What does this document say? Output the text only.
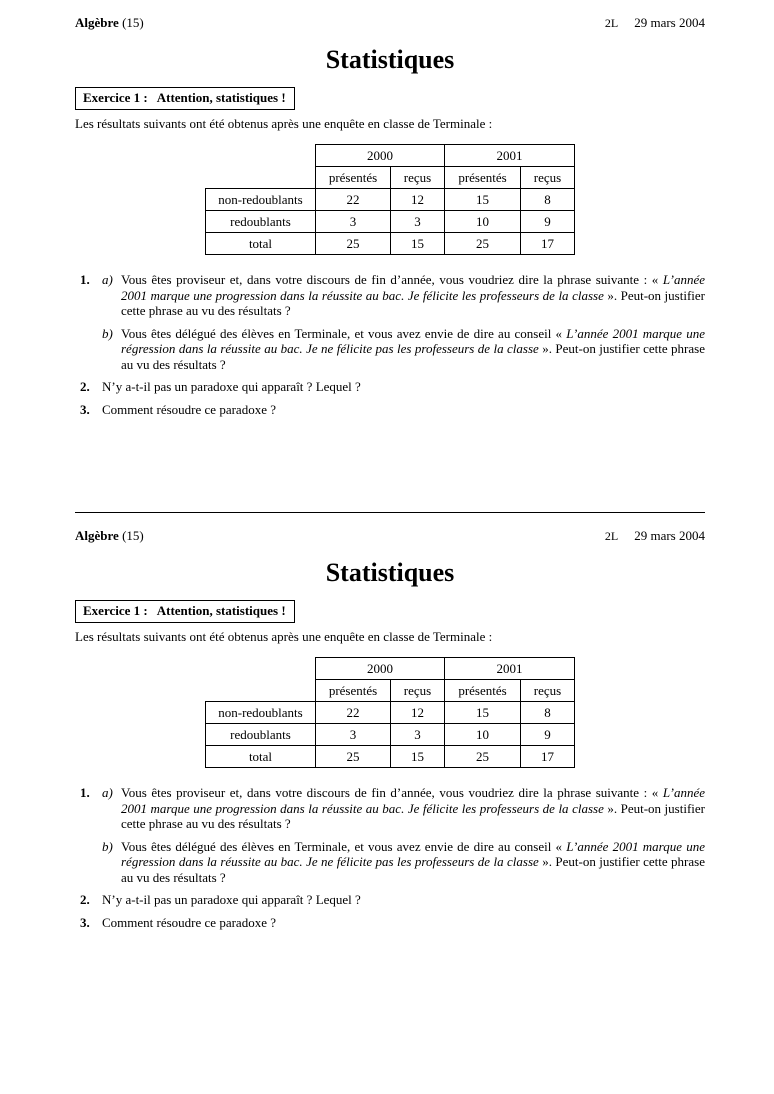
Algèbre (15)	2L 29 mars 2004
Statistiques
Exercice 1 : Attention, statistiques !
Les résultats suivants ont été obtenus après une enquête en classe de Terminale :
	2000		2001	
	présentés	reçus	présentés	reçus
non-redoublants	22	12	15	8
redoublants	3	3	10	9
total	25	15	25	17
1. a) Vous êtes proviseur et, dans votre discours de fin d’année, vous voudriez dire la phrase suivante : « L’année 2001 marque une progression dans la réussite au bac. Je félicite les professeurs de la classe ». Peut-on justifier cette phrase au vu des résultats ?
b) Vous êtes délégué des élèves en Terminale, et vous avez envie de dire au conseil « L’année 2001 marque une régression dans la réussite au bac. Je ne félicite pas les professeurs de la classe ». Peut-on justifier cette phrase au vu des résultats ?
2. N’y a-t-il pas un paradoxe qui apparaît ? Lequel ?
3. Comment résoudre ce paradoxe ?
Algèbre (15)	2L 29 mars 2004
Statistiques
Exercice 1 : Attention, statistiques !
Les résultats suivants ont été obtenus après une enquête en classe de Terminale :
	2000		2001	
	présentés	reçus	présentés	reçus
non-redoublants	22	12	15	8
redoublants	3	3	10	9
total	25	15	25	17
1. a) Vous êtes proviseur et, dans votre discours de fin d’année, vous voudriez dire la phrase suivante : « L’année 2001 marque une progression dans la réussite au bac. Je félicite les professeurs de la classe ». Peut-on justifier cette phrase au vu des résultats ?
b) Vous êtes délégué des élèves en Terminale, et vous avez envie de dire au conseil « L’année 2001 marque une régression dans la réussite au bac. Je ne félicite pas les professeurs de la classe ». Peut-on justifier cette phrase au vu des résultats ?
2. N’y a-t-il pas un paradoxe qui apparaît ? Lequel ?
3. Comment résoudre ce paradoxe ?
